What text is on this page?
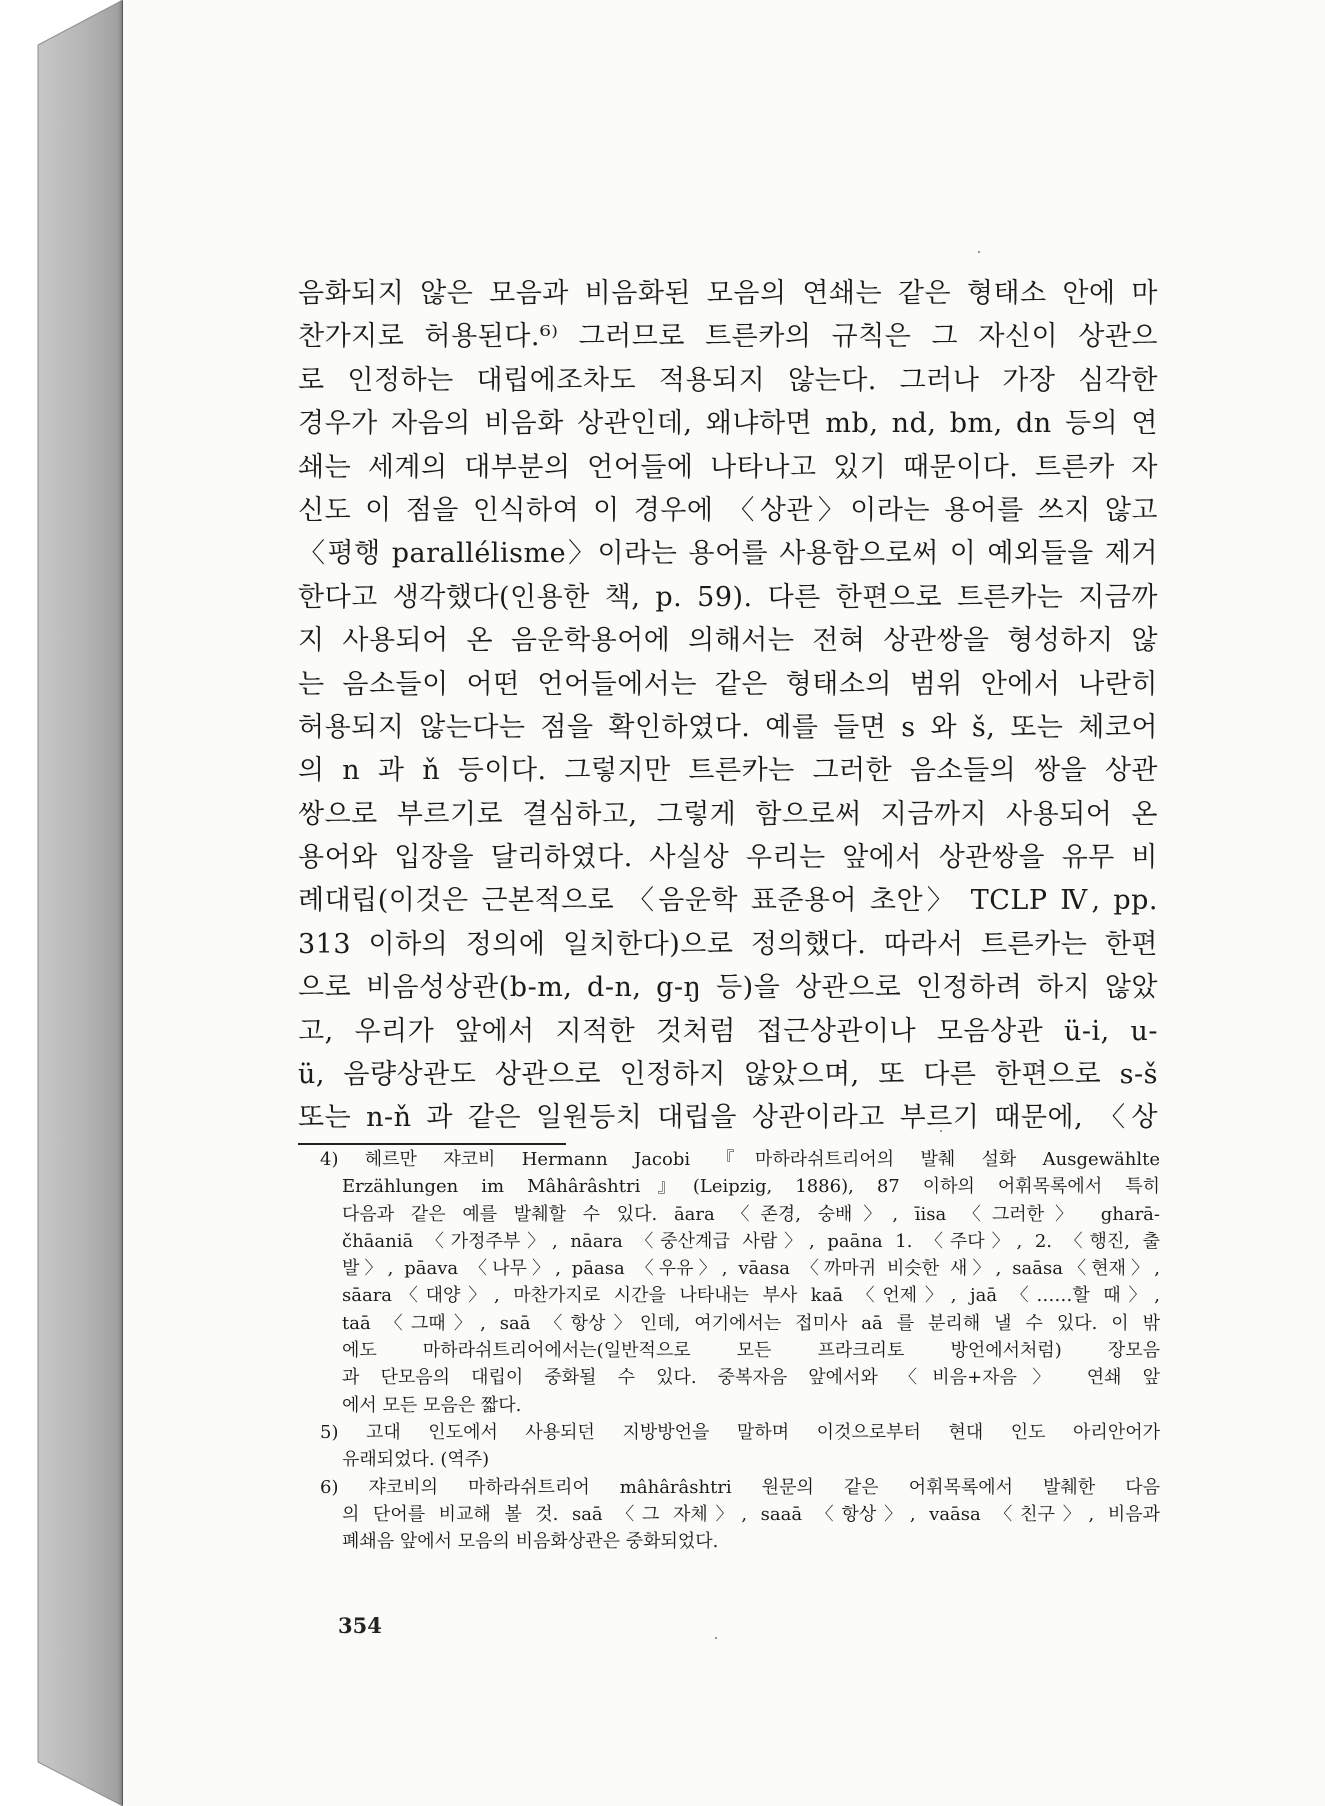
음화되지 않은 모음과 비음화된 모음의 연쇄는 같은 형태소 안에 마
찬가지로 허용된다.⁶⁾ 그러므로 트른카의 규칙은 그 자신이 상관으
로 인정하는 대립에조차도 적용되지 않는다. 그러나 가장 심각한
경우가 자음의 비음화 상관인데, 왜냐하면 mb, nd, bm, dn 등의 연
쇄는 세계의 대부분의 언어들에 나타나고 있기 때문이다. 트른카 자
신도 이 점을 인식하여 이 경우에 〈상관〉이라는 용어를 쓰지 않고
〈평행 parallélisme〉이라는 용어를 사용함으로써 이 예외들을 제거
한다고 생각했다(인용한 책, p. 59). 다른 한편으로 트른카는 지금까
지 사용되어 온 음운학용어에 의해서는 전혀 상관쌍을 형성하지 않
는 음소들이 어떤 언어들에서는 같은 형태소의 범위 안에서 나란히
허용되지 않는다는 점을 확인하였다. 예를 들면 s 와 š, 또는 체코어
의 n 과 ň 등이다. 그렇지만 트른카는 그러한 음소들의 쌍을 상관
쌍으로 부르기로 결심하고, 그렇게 함으로써 지금까지 사용되어 온
용어와 입장을 달리하였다. 사실상 우리는 앞에서 상관쌍을 유무 비
례대립(이것은 근본적으로 〈음운학 표준용어 초안〉 TCLP Ⅳ, pp.
313 이하의 정의에 일치한다)으로 정의했다. 따라서 트른카는 한편
으로 비음성상관(b-m, d-n, g-ŋ 등)을 상관으로 인정하려 하지 않았
고, 우리가 앞에서 지적한 것처럼 접근상관이나 모음상관 ü-i, u-
ü, 음량상관도 상관으로 인정하지 않았으며, 또 다른 한편으로 s-š
또는 n-ň 과 같은 일원등치 대립을 상관이라고 부르기 때문에, 〈상
4) 헤르만 쟈코비 Hermann Jacobi 『마하라쉬트리어의 발췌 설화 Ausgewählte
Erzählungen im Mâhârâshtri』(Leipzig, 1886), 87 이하의 어휘목록에서 특히
다음과 같은 예를 발췌할 수 있다. āara 〈존경, 숭배〉, īisa 〈그러한〉 gharā-
čhāaniā 〈가정주부〉, nāara 〈중산계급 사람〉, paāna 1. 〈주다〉, 2. 〈행진, 출
발〉, pāava 〈나무〉, pāasa 〈우유〉, vāasa 〈까마귀 비슷한 새〉, saāsa〈현재〉,
sāara〈대양〉, 마찬가지로 시간을 나타내는 부사 kaā 〈언제〉, jaā 〈……할 때〉,
taā 〈그때〉, saā 〈항상〉인데, 여기에서는 접미사 aā 를 분리해 낼 수 있다. 이 밖
에도 마하라쉬트리어에서는(일반적으로 모든 프라크리토 방언에서처럼) 장모음
과 단모음의 대립이 중화될 수 있다. 중복자음 앞에서와 〈비음+자음〉 연쇄 앞
에서 모든 모음은 짧다.
5) 고대 인도에서 사용되던 지방방언을 말하며 이것으로부터 현대 인도 아리안어가
유래되었다. (역주)
6) 쟈코비의 마하라쉬트리어 mâhârâshtri 원문의 같은 어휘목록에서 발췌한 다음
의 단어를 비교해 볼 것. saā 〈그 자체〉, saaā 〈항상〉, vaāsa 〈친구〉, 비음과
폐쇄음 앞에서 모음의 비음화상관은 중화되었다.
354
